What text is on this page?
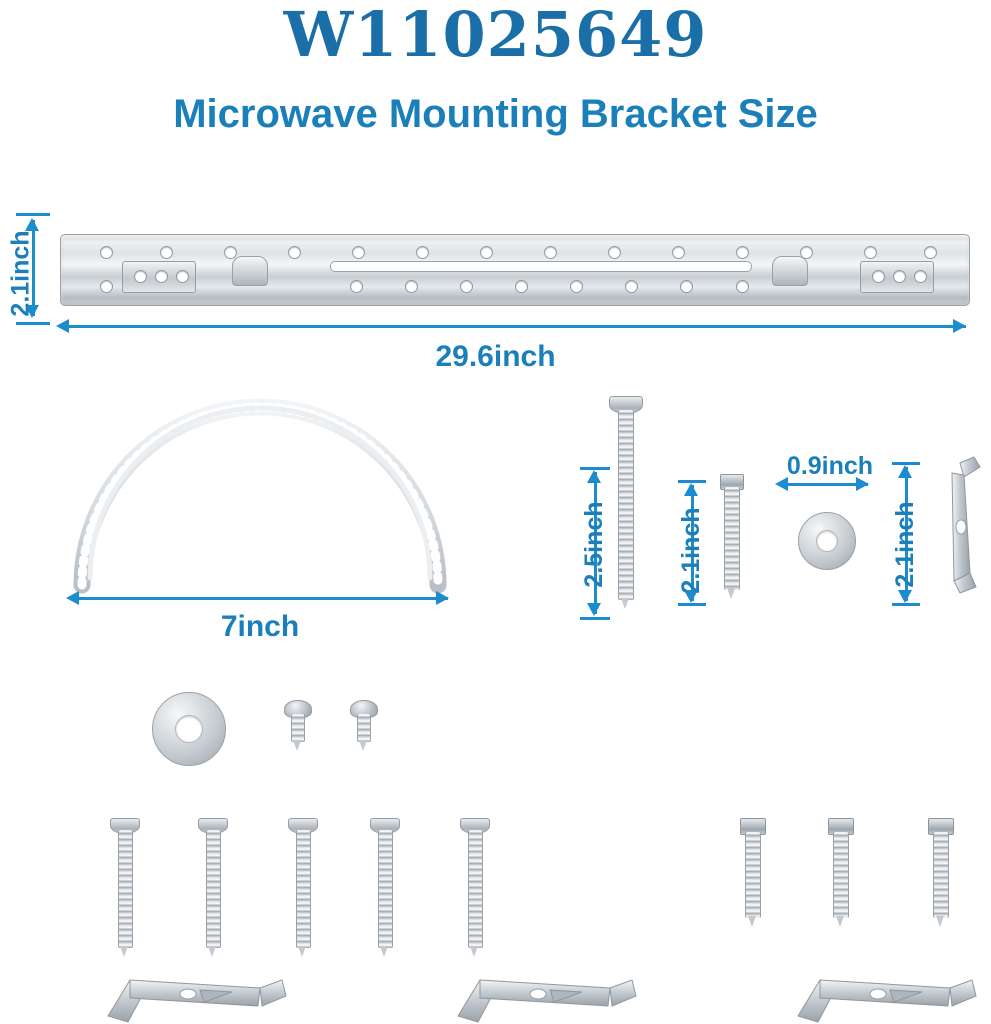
W11025649
Microwave Mounting Bracket Size
2.1inch
29.6inch
7inch
2.5inch	2.1inch
0.9inch
2.1inch
